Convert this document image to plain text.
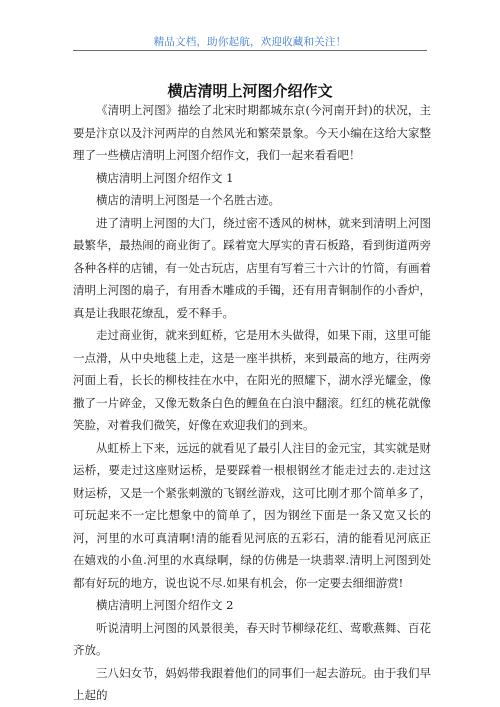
精品文档，助你起航，欢迎收藏和关注！
横店清明上河图介绍作文

《清明上河图》描绘了北宋时期都城东京(今河南开封)的状况，主要是汴京以及汴河两岸的自然风光和繁荣景象。今天小编在这给大家整理了一些横店清明上河图介绍作文，我们一起来看看吧！

横店清明上河图介绍作文 1

横店的清明上河图是一个名胜古迹。

进了清明上河图的大门，绕过密不透风的树林，就来到清明上河图最繁华，最热闹的商业街了。踩着宽大厚实的青石板路，看到街道两旁各种各样的店铺，有一处古玩店，店里有写着三十六计的竹简，有画着清明上河图的扇子，有用香木雕成的手镯，还有用青铜制作的小香炉，真是让我眼花缭乱，爱不释手。

走过商业街，就来到虹桥，它是用木头做得，如果下雨，这里可能一点滑，从中央地毯上走，这是一座半拱桥，来到最高的地方，往两旁河面上看，长长的柳枝挂在水中，在阳光的照耀下，湖水浮光耀金，像撒了一片碎金，又像无数条白色的鲤鱼在白浪中翻滚。红红的桃花就像笑脸，对着我们微笑，好像在欢迎我们的到来。

从虹桥上下来，远远的就看见了最引人注目的金元宝，其实就是财运桥，要走过这座财运桥，是要踩着一根根钢丝才能走过去的.走过这财运桥，又是一个紧张刺激的飞钢丝游戏，这可比刚才那个简单多了，可玩起来不一定比想象中的简单了，因为钢丝下面是一条又宽又长的河，河里的水可真清啊!清的能看见河底的五彩石，清的能看见河底正在嬉戏的小鱼.河里的水真绿啊，绿的仿佛是一块翡翠.清明上河图到处都有好玩的地方，说也说不尽.如果有机会，你一定要去细细游赏!

横店清明上河图介绍作文 2

听说清明上河图的风景很美，春天时节柳绿花红、莺歌燕舞、百花齐放。

三八妇女节，妈妈带我跟着他们的同事们一起去游玩。由于我们早上起的
